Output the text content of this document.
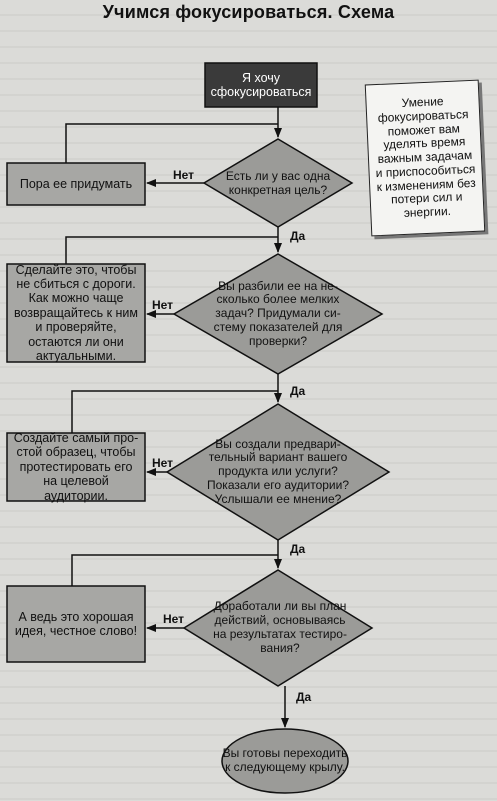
Учимся фокусироваться. Схема
Я хочу сфокусироваться
Умение фокусироваться поможет вам уделять время важным задачам и приспособиться к изменениям без потери сил и энергии.
Есть ли у вас одна конкретная цель?
Вы разбили ее на несколько более мелких задач? Придумали систему показателей для проверки?
Вы создали предварительный вариант вашего продукта или услуги? Показали его аудитории? Услышали ее мнение?
Доработали ли вы план действий, основываясь на результатах тестирования?
Пора ее придумать
Сделайте это, чтобы не сбиться с дороги. Как можно чаще возвращайтесь к ним и проверяйте, остаются ли они актуальными.
Создайте самый простой образец, чтобы протестировать его на целевой аудитории.
А ведь это хорошая идея, честное слово!
Вы готовы переходить к следующему крылу.
Нет
Нет
Нет
Нет
Да
Да
Да
Да
